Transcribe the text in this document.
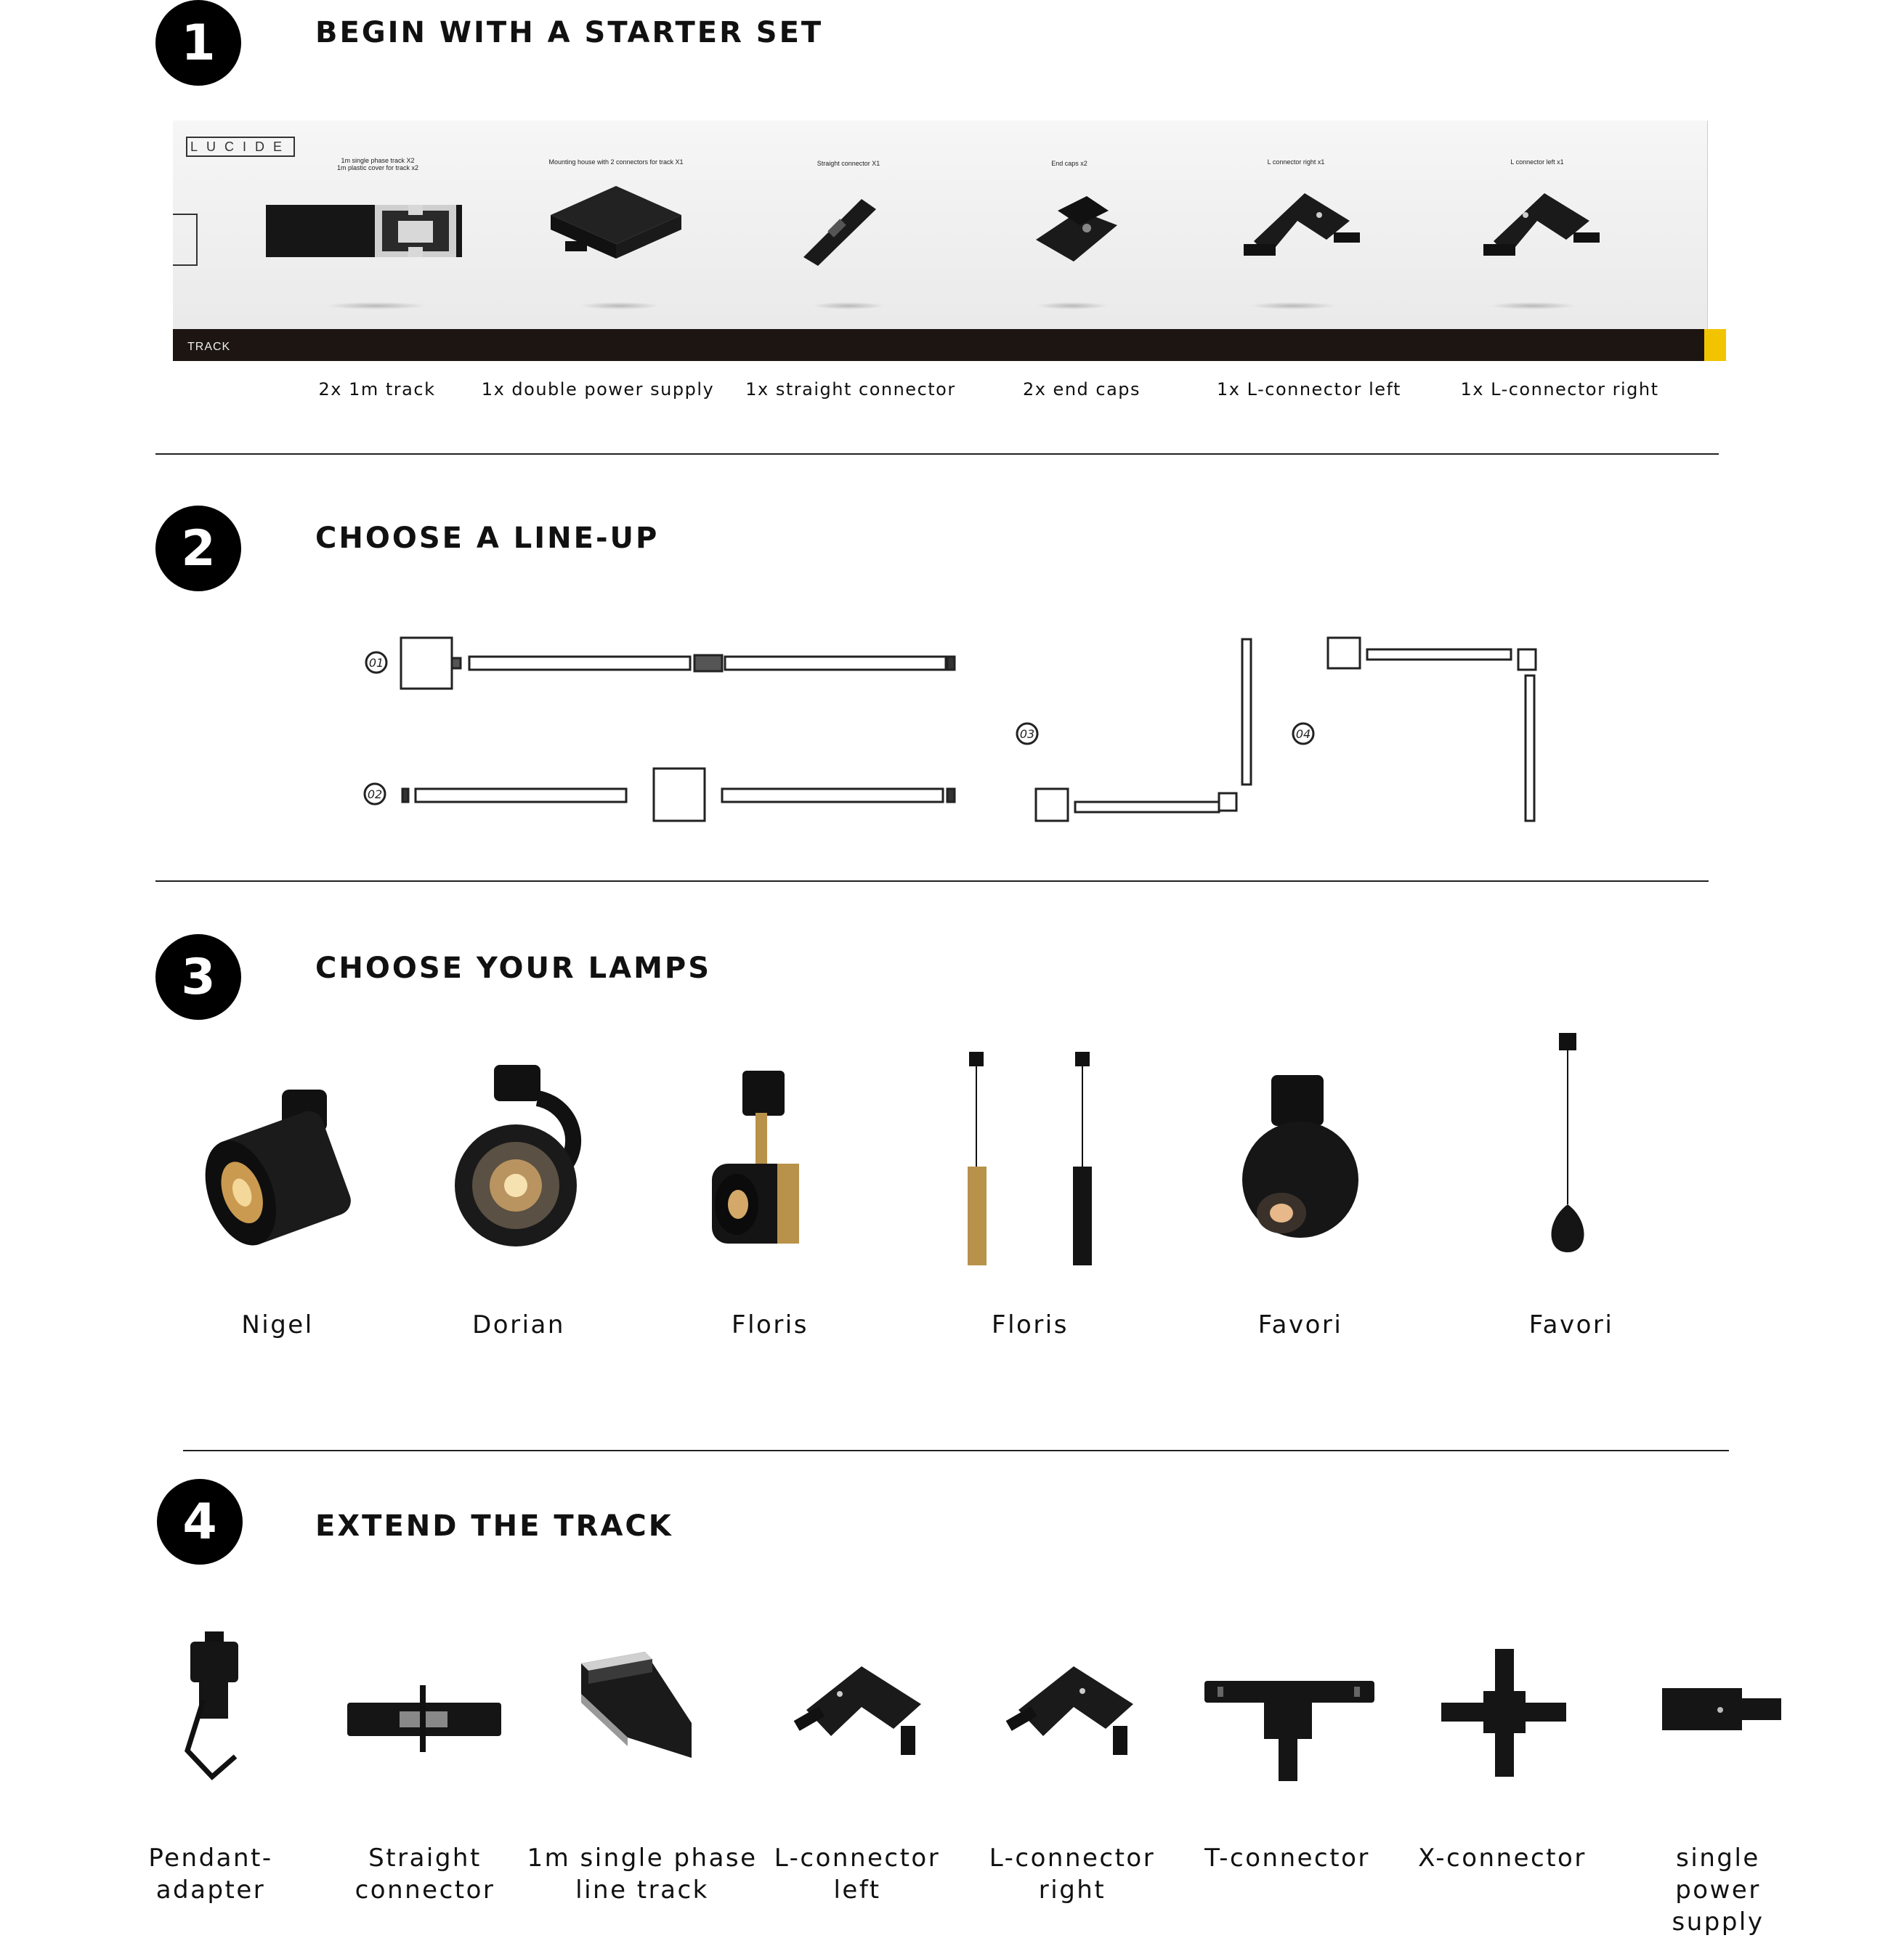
1	BEGIN WITH A STARTER SET
LUCIDE
TRACK
1m single phase track X2
1m plastic cover for track x2
Mounting house with 2 connectors for track X1	Straight connector X1	End caps x2	L connector right x1	L connector left x1
2x 1m track	1x double power supply 1x straight connector	2x end caps	1x L-connector left	1x L-connector right
2	CHOOSE A LINE-UP
01
02
03	04
3	CHOOSE YOUR LAMPS
Nigel	Dorian	Floris	Floris	Favori	Favori
4	EXTEND THE TRACK
Pendant-adapter
Straight connector
1m single phase line track
L-connector left
L-connector right
T-connector	X-connector	single power supply
